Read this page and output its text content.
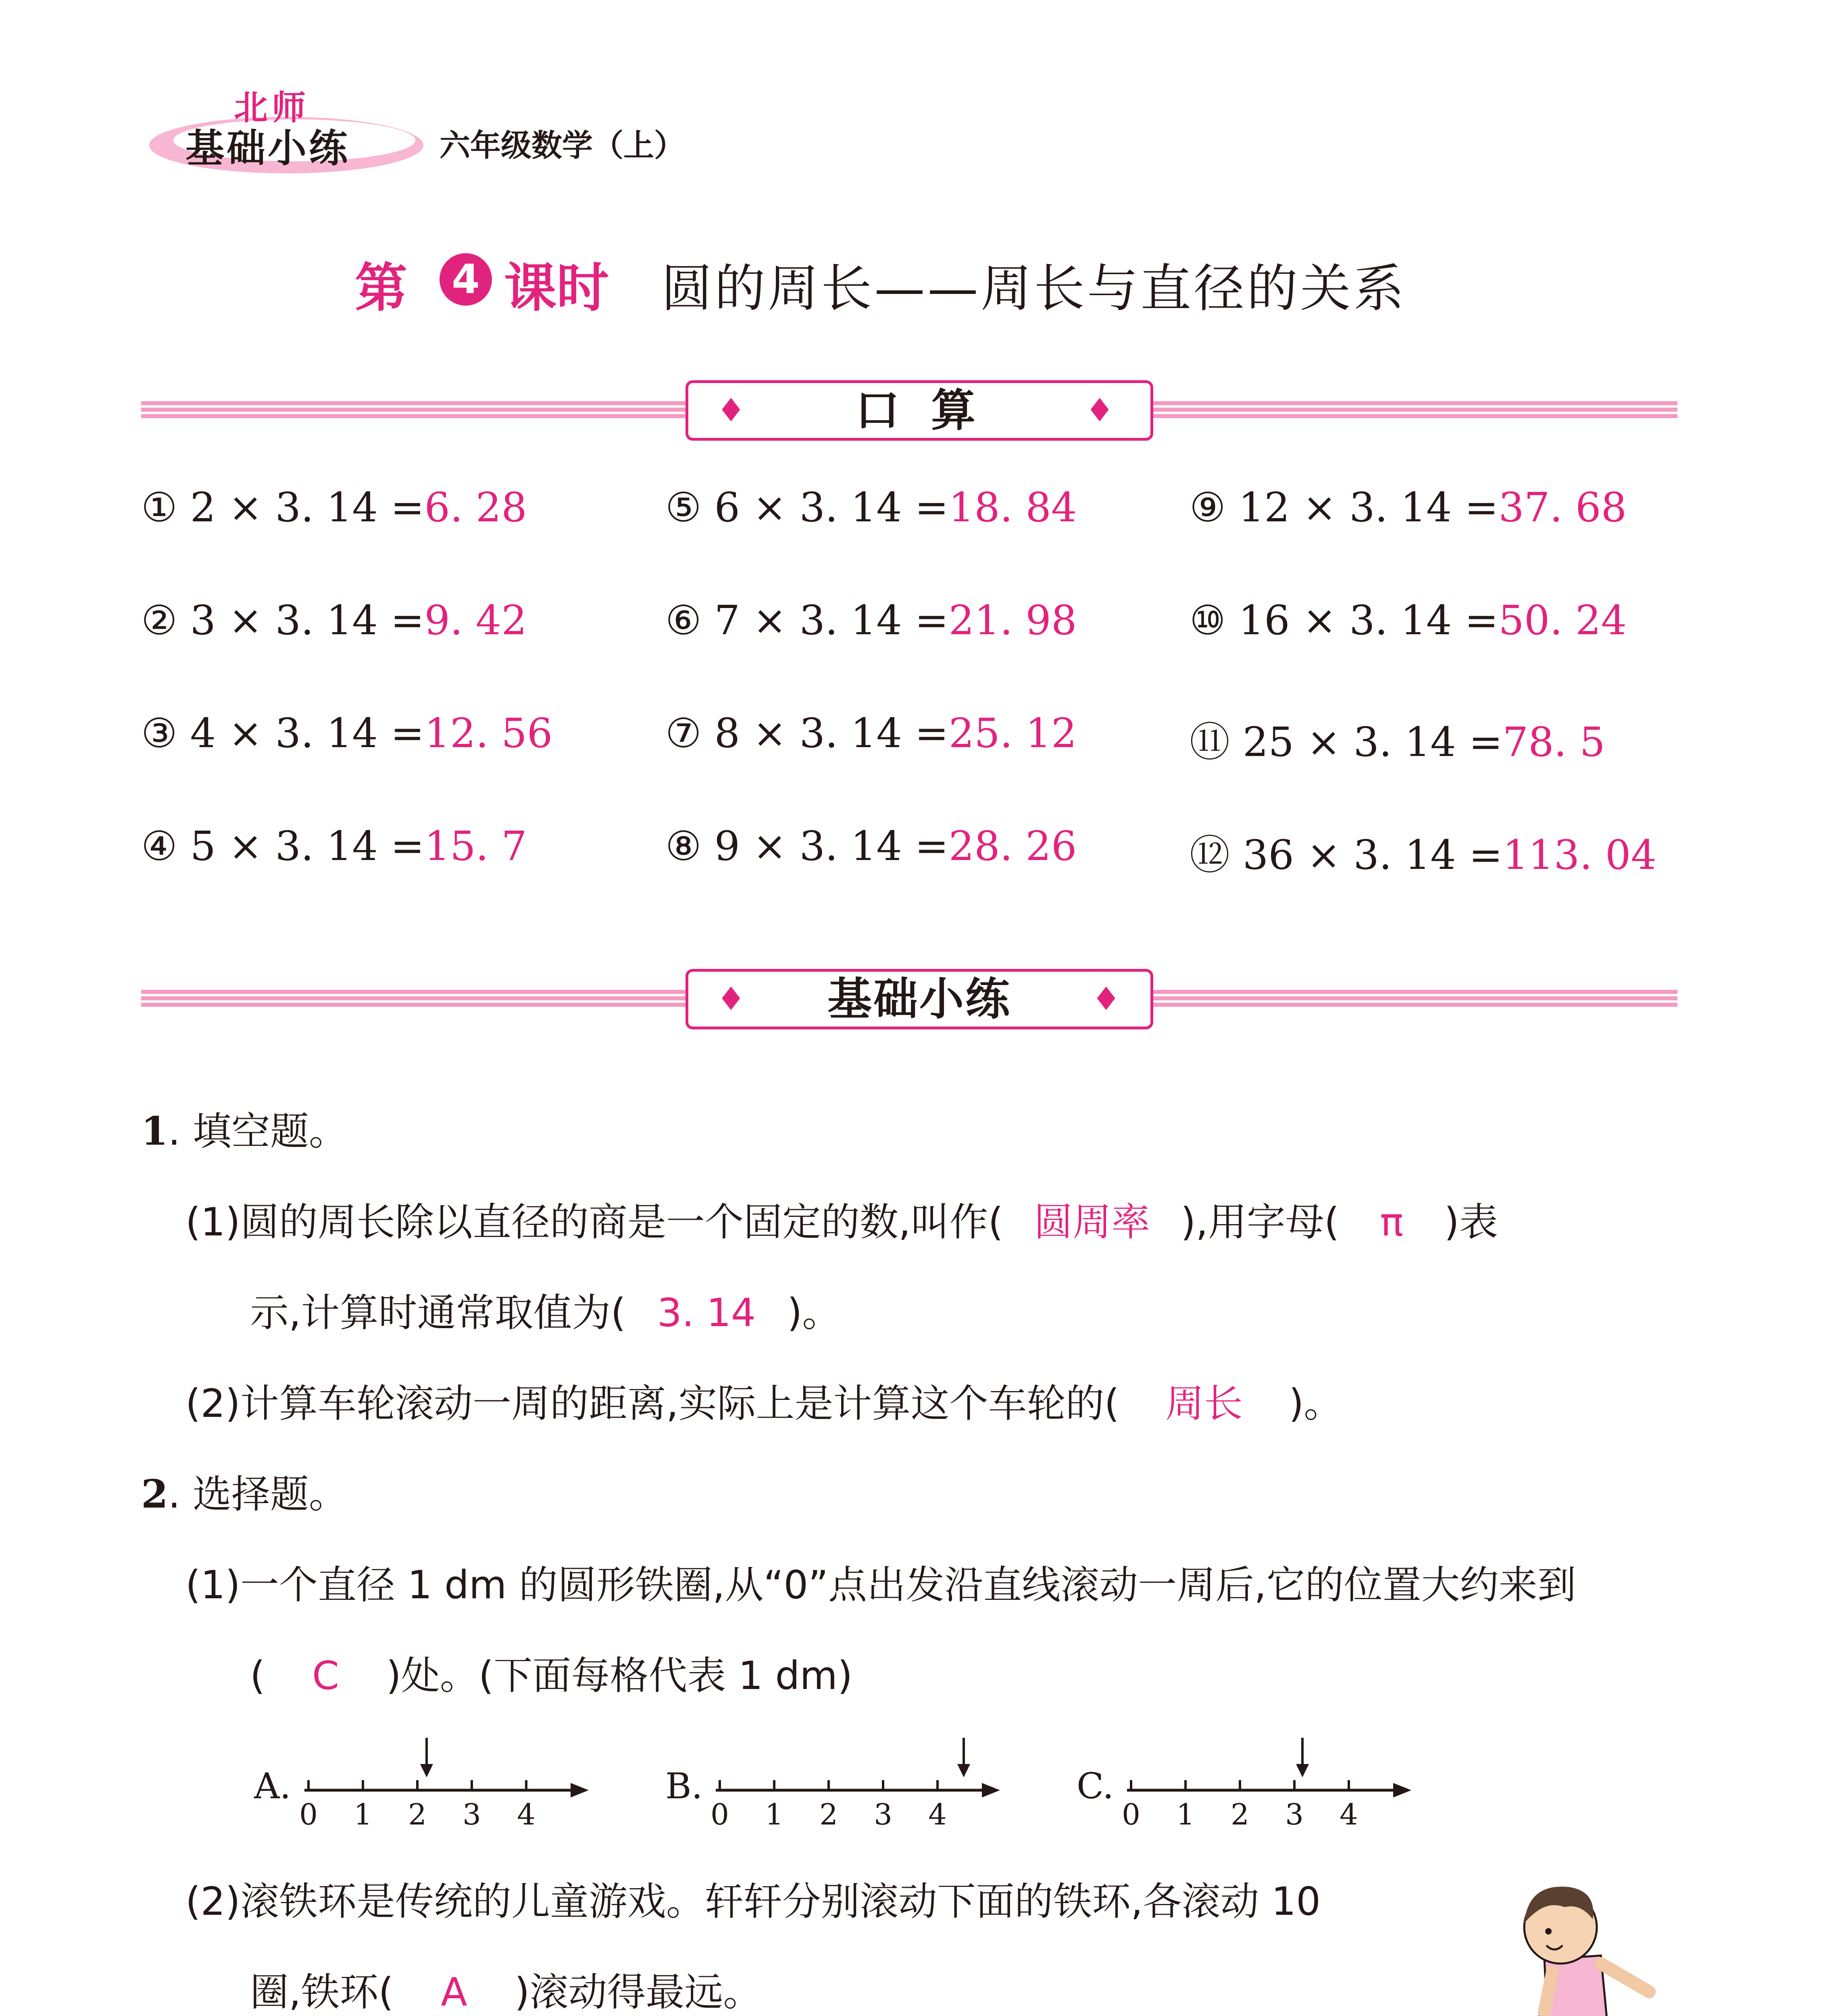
北师
基础小练	六年级数学（上）
第	4 课时 圆的周长——周长与直径的关系
♦ 口 算	♦
① 2 × 3. 14 =6. 28
② 3 × 3. 14 =9. 42
③ 4 × 3. 14 =12. 56
④ 5 × 3. 14 =15. 7
⑤ 6 × 3. 14 =18. 84
⑥ 7 × 3. 14 =21. 98
⑦ 8 × 3. 14 =25. 12
⑧ 9 × 3. 14 =28. 26
⑨ 12 × 3. 14 =37. 68
⑩ 16 × 3. 14 =50. 24
⑪ 25 × 3. 14 =78. 5
⑫ 36 × 3. 14 =113. 04
♦ 基础小练 ♦
1. 填空题。
(1)圆的周长除以直径的商是一个固定的数,叫作( 圆周率 ),用字母( π )表
示,计算时通常取值为( 3. 14 )。
(2)计算车轮滚动一周的距离,实际上是计算这个车轮的( 周长 )。
2. 选择题。
(1)一个直径 1 dm 的圆形铁圈,从“0”点出发沿直线滚动一周后,它的位置大约来到
( C )处。(下面每格代表 1 dm)
A.
0 1 2 3 4
B.
0 1 2 3 4
C.
0 1 2 3 4
(2)滚铁环是传统的儿童游戏。轩轩分别滚动下面的铁环,各滚动 10
圈,铁环( A )滚动得最远。
